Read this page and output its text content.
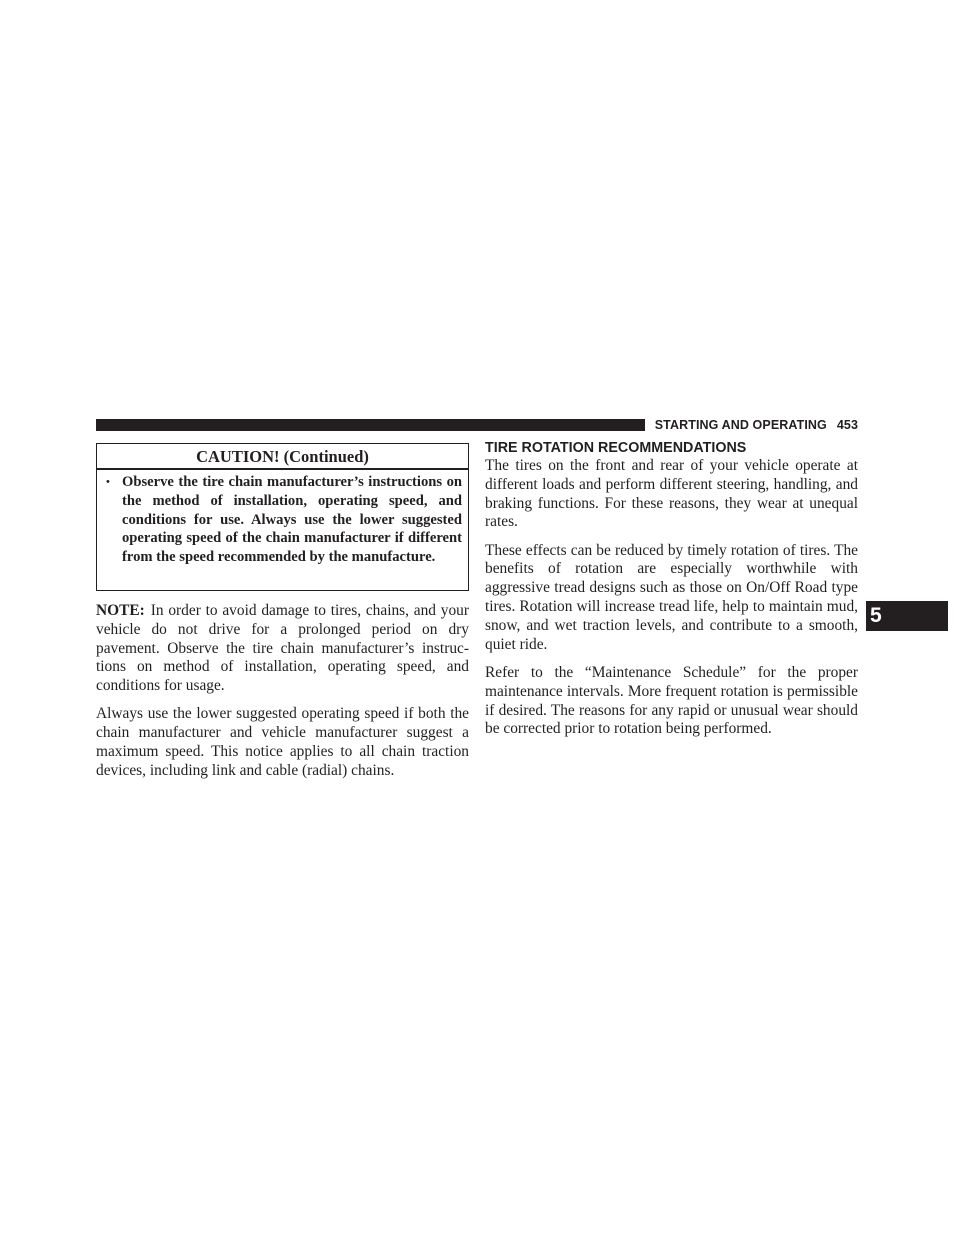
STARTING AND OPERATING 453
5
CAUTION! (Continued)
• Observe the tire chain manufacturer’s instructions on the method of installation, operating speed, and conditions for use. Always use the lower suggested operating speed of the chain manufacturer if different from the speed recommended by the manufacture.

NOTE: In order to avoid damage to tires, chains, and your vehicle do not drive for a prolonged period on dry pavement. Observe the tire chain manufacturer’s instructions on method of installation, operating speed, and conditions for usage.

Always use the lower suggested operating speed if both the chain manufacturer and vehicle manufacturer suggest a maximum speed. This notice applies to all chain traction devices, including link and cable (radial) chains.

TIRE ROTATION RECOMMENDATIONS

The tires on the front and rear of your vehicle operate at different loads and perform different steering, handling, and braking functions. For these reasons, they wear at unequal rates.

These effects can be reduced by timely rotation of tires. The benefits of rotation are especially worthwhile with aggressive tread designs such as those on On/Off Road type tires. Rotation will increase tread life, help to maintain mud, snow, and wet traction levels, and contribute to a smooth, quiet ride.

Refer to the “Maintenance Schedule” for the proper maintenance intervals. More frequent rotation is permissible if desired. The reasons for any rapid or unusual wear should be corrected prior to rotation being performed.
